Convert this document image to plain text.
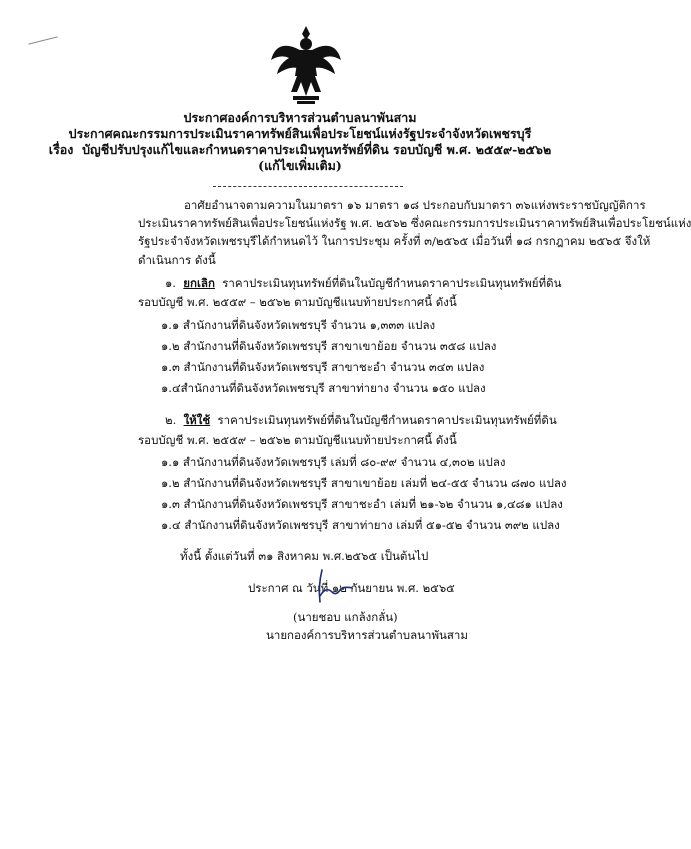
ประกาศองค์การบริหารส่วนตำบลนาพันสาม
ประกาศคณะกรรมการประเมินราคาทรัพย์สินเพื่อประโยชน์แห่งรัฐประจำจังหวัดเพชรบุรี
เรื่อง บัญชีปรับปรุงแก้ไขและกำหนดราคาประเมินทุนทรัพย์ที่ดิน รอบบัญชี พ.ศ. ๒๕๕๙-๒๕๖๒
(แก้ไขเพิ่มเติม)
อาศัยอำนาจตามความในมาตรา ๑๖ มาตรา ๑๘ ประกอบกับมาตรา ๓๖แห่งพระราชบัญญัติการ
ประเมินราคาทรัพย์สินเพื่อประโยชน์แห่งรัฐ พ.ศ. ๒๕๖๒ ซึ่งคณะกรรมการประเมินราคาทรัพย์สินเพื่อประโยชน์แห่ง
รัฐประจำจังหวัดเพชรบุรีได้กำหนดไว้ ในการประชุม ครั้งที่ ๓/๒๕๖๕ เมื่อวันที่ ๑๘ กรกฎาคม ๒๕๖๕ จึงให้
ดำเนินการ ดังนี้
๑. ยกเลิก ราคาประเมินทุนทรัพย์ที่ดินในบัญชีกำหนดราคาประเมินทุนทรัพย์ที่ดิน
รอบบัญชี พ.ศ. ๒๕๕๙ – ๒๕๖๒ ตามบัญชีแนบท้ายประกาศนี้ ดังนี้
๑.๑ สำนักงานที่ดินจังหวัดเพชรบุรี จำนวน ๑,๓๓๓ แปลง
๑.๒ สำนักงานที่ดินจังหวัดเพชรบุรี สาขาเขาย้อย จำนวน ๓๕๘ แปลง
๑.๓ สำนักงานที่ดินจังหวัดเพชรบุรี สาขาชะอำ จำนวน ๓๔๓ แปลง
๑.๔สำนักงานที่ดินจังหวัดเพชรบุรี สาขาท่ายาง จำนวน ๑๕๐ แปลง
๒. ให้ใช้ ราคาประเมินทุนทรัพย์ที่ดินในบัญชีกำหนดราคาประเมินทุนทรัพย์ที่ดิน
รอบบัญชี พ.ศ. ๒๕๕๙ – ๒๕๖๒ ตามบัญชีแนบท้ายประกาศนี้ ดังนี้
๑.๑ สำนักงานที่ดินจังหวัดเพชรบุรี เล่มที่ ๘๐-๙๙ จำนวน ๔,๓๐๒ แปลง
๑.๒ สำนักงานที่ดินจังหวัดเพชรบุรี สาขาเขาย้อย เล่มที่ ๒๔-๕๕ จำนวน ๘๗๐ แปลง
๑.๓ สำนักงานที่ดินจังหวัดเพชรบุรี สาขาชะอำ เล่มที่ ๒๑-๖๒ จำนวน ๑,๔๘๑ แปลง
๑.๔ สำนักงานที่ดินจังหวัดเพชรบุรี สาขาท่ายาง เล่มที่ ๕๑-๕๒ จำนวน ๓๙๒ แปลง
ทั้งนี้ ตั้งแต่วันที่ ๓๑ สิงหาคม พ.ศ.๒๕๖๕ เป็นต้นไป
ประกาศ ณ วันที่ ๑๒ กันยายน พ.ศ. ๒๕๖๕
(นายชอบ แกล้งกลั่น)
นายกองค์การบริหารส่วนตำบลนาพันสาม
